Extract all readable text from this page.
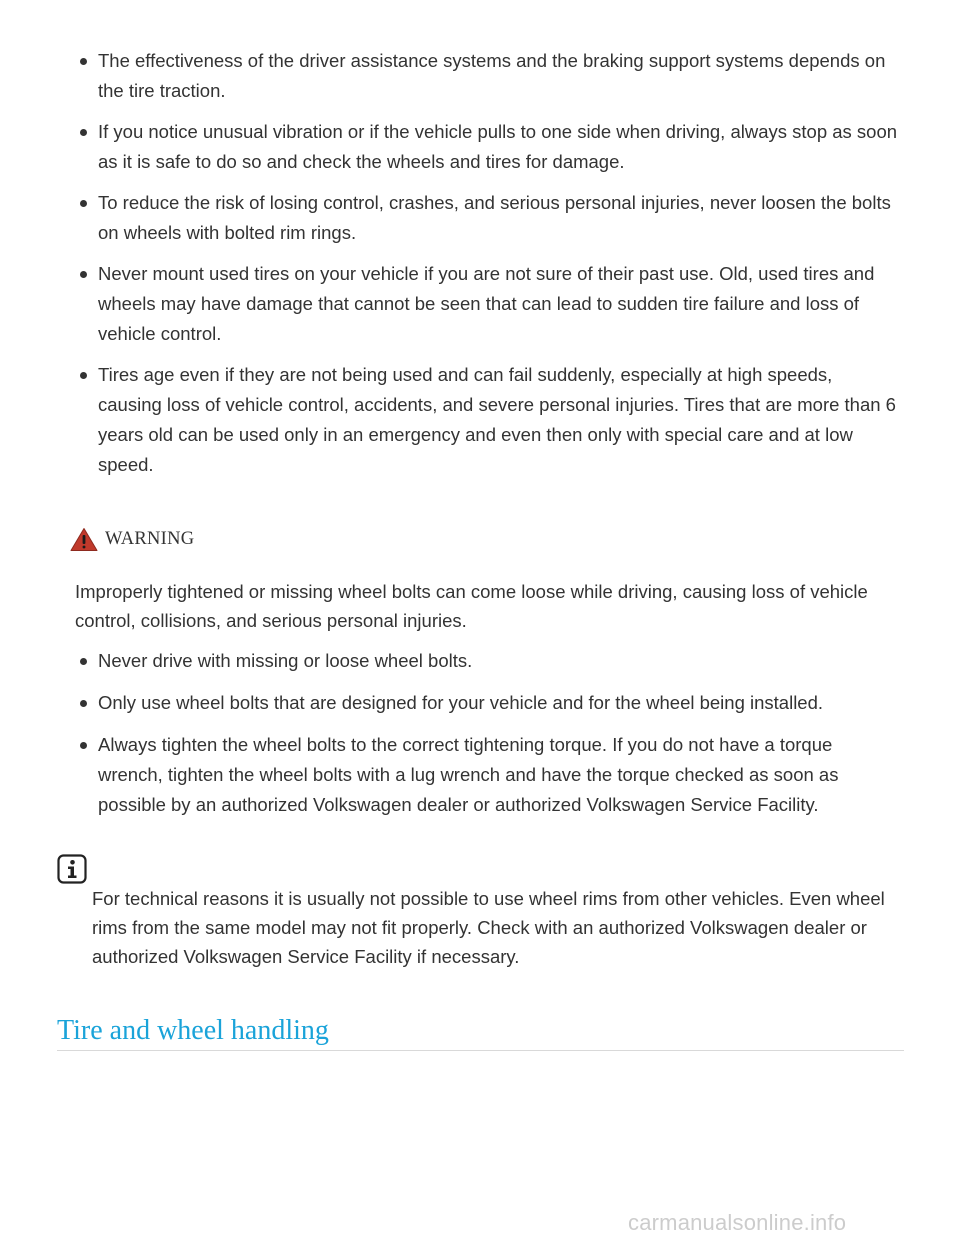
The effectiveness of the driver assistance systems and the braking support systems depends on the tire traction.
If you notice unusual vibration or if the vehicle pulls to one side when driving, always stop as soon as it is safe to do so and check the wheels and tires for damage.
To reduce the risk of losing control, crashes, and serious personal injuries, never loosen the bolts on wheels with bolted rim rings.
Never mount used tires on your vehicle if you are not sure of their past use. Old, used tires and wheels may have damage that cannot be seen that can lead to sudden tire failure and loss of vehicle control.
Tires age even if they are not being used and can fail suddenly, especially at high speeds, causing loss of vehicle control, accidents, and severe personal injuries. Tires that are more than 6 years old can be used only in an emergency and even then only with special care and at low speed.
WARNING

Improperly tightened or missing wheel bolts can come loose while driving, causing loss of vehicle control, collisions, and serious personal injuries.

Never drive with missing or loose wheel bolts.
Only use wheel bolts that are designed for your vehicle and for the wheel being installed.
Always tighten the wheel bolts to the correct tightening torque. If you do not have a torque wrench, tighten the wheel bolts with a lug wrench and have the torque checked as soon as possible by an authorized Volkswagen dealer or authorized Volkswagen Service Facility.

For technical reasons it is usually not possible to use wheel rims from other vehicles. Even wheel rims from the same model may not fit properly. Check with an authorized Volkswagen dealer or authorized Volkswagen Service Facility if necessary.

Tire and wheel handling
carmanualsonline.info
